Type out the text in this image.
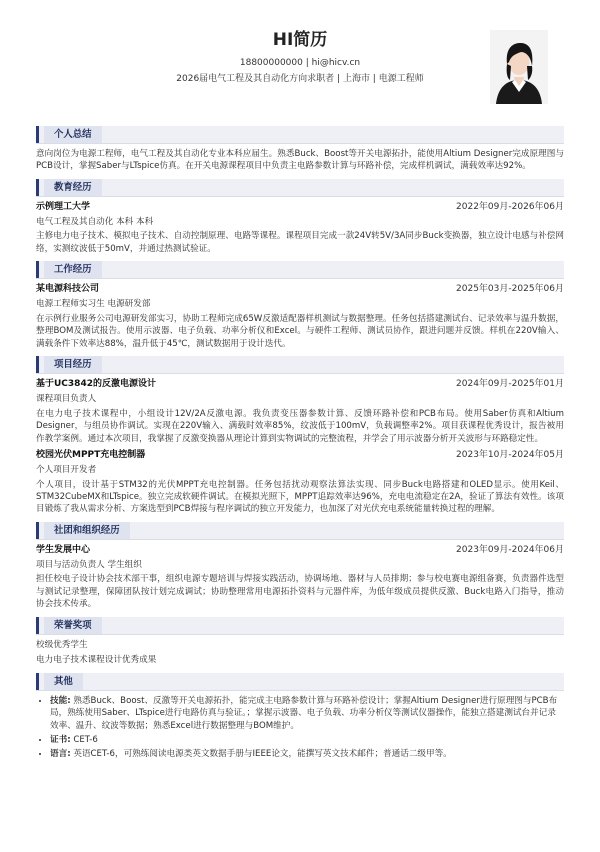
HI简历
18800000000 | hi@hicv.cn
2026届电气工程及其自动化方向求职者 | 上海市 | 电源工程师
个人总结
意向岗位为电源工程师，电气工程及其自动化专业本科应届生。熟悉Buck、Boost等开关电源拓扑，能使用Altium Designer完成原理图与PCB设计，掌握Saber与LTspice仿真。在开关电源课程项目中负责主电路参数计算与环路补偿，完成样机调试，满载效率达92%。
教育经历
示例理工大学	2022年09月-2026年06月
电气工程及其自动化 本科 本科
主修电力电子技术、模拟电子技术、自动控制原理、电路等课程。课程项目完成一款24V转5V/3A同步Buck变换器，独立设计电感与补偿网络，实测纹波低于50mV，并通过热测试验证。
工作经历
某电源科技公司	2025年03月-2025年06月
电源工程师实习生 电源研发部
在示例行业服务公司电源研发部实习，协助工程师完成65W反激适配器样机测试与数据整理。任务包括搭建测试台、记录效率与温升数据，整理BOM及测试报告。使用示波器、电子负载、功率分析仪和Excel。与硬件工程师、测试员协作，跟进问题并反馈。样机在220V输入、满载条件下效率达88%，温升低于45℃，测试数据用于设计迭代。
项目经历
基于UC3842的反激电源设计	2024年09月-2025年01月
课程项目负责人
在电力电子技术课程中，小组设计12V/2A反激电源。我负责变压器参数计算、反馈环路补偿和PCB布局。使用Saber仿真和Altium Designer，与组员协作调试。实现在220V输入、满载时效率85%，纹波低于100mV，负载调整率2%。项目获课程优秀设计，报告被用作教学案例。通过本次项目，我掌握了反激变换器从理论计算到实物调试的完整流程，并学会了用示波器分析开关波形与环路稳定性。
校园光伏MPPT充电控制器	2023年10月-2024年05月
个人项目开发者
个人项目，设计基于STM32的光伏MPPT充电控制器。任务包括扰动观察法算法实现、同步Buck电路搭建和OLED显示。使用Keil、STM32CubeMX和LTspice。独立完成软硬件调试。在模拟光照下，MPPT追踪效率达96%，充电电流稳定在2A，验证了算法有效性。该项目锻炼了我从需求分析、方案选型到PCB焊接与程序调试的独立开发能力，也加深了对光伏充电系统能量转换过程的理解。
社团和组织经历
学生发展中心	2023年09月-2024年06月
项目与活动负责人 学生组织
担任校电子设计协会技术部干事，组织电源专题培训与焊接实践活动，协调场地、器材与人员排期；参与校电赛电源组备赛，负责器件选型与测试记录整理，保障团队按计划完成调试；协助整理常用电源拓扑资料与元器件库，为低年级成员提供反激、Buck电路入门指导，推动协会技术传承。
荣誉奖项
校级优秀学生
电力电子技术课程设计优秀成果
其他
• 技能: 熟悉Buck、Boost、反激等开关电源拓扑，能完成主电路参数计算与环路补偿设计；掌握Altium Designer进行原理图与PCB布局，熟练使用Saber、LTspice进行电路仿真与验证。；掌握示波器、电子负载、功率分析仪等测试仪器操作，能独立搭建测试台并记录效率、温升、纹波等数据；熟悉Excel进行数据整理与BOM维护。
• 证书: CET-6
• 语言: 英语CET-6，可熟练阅读电源类英文数据手册与IEEE论文，能撰写英文技术邮件；普通话二级甲等。
